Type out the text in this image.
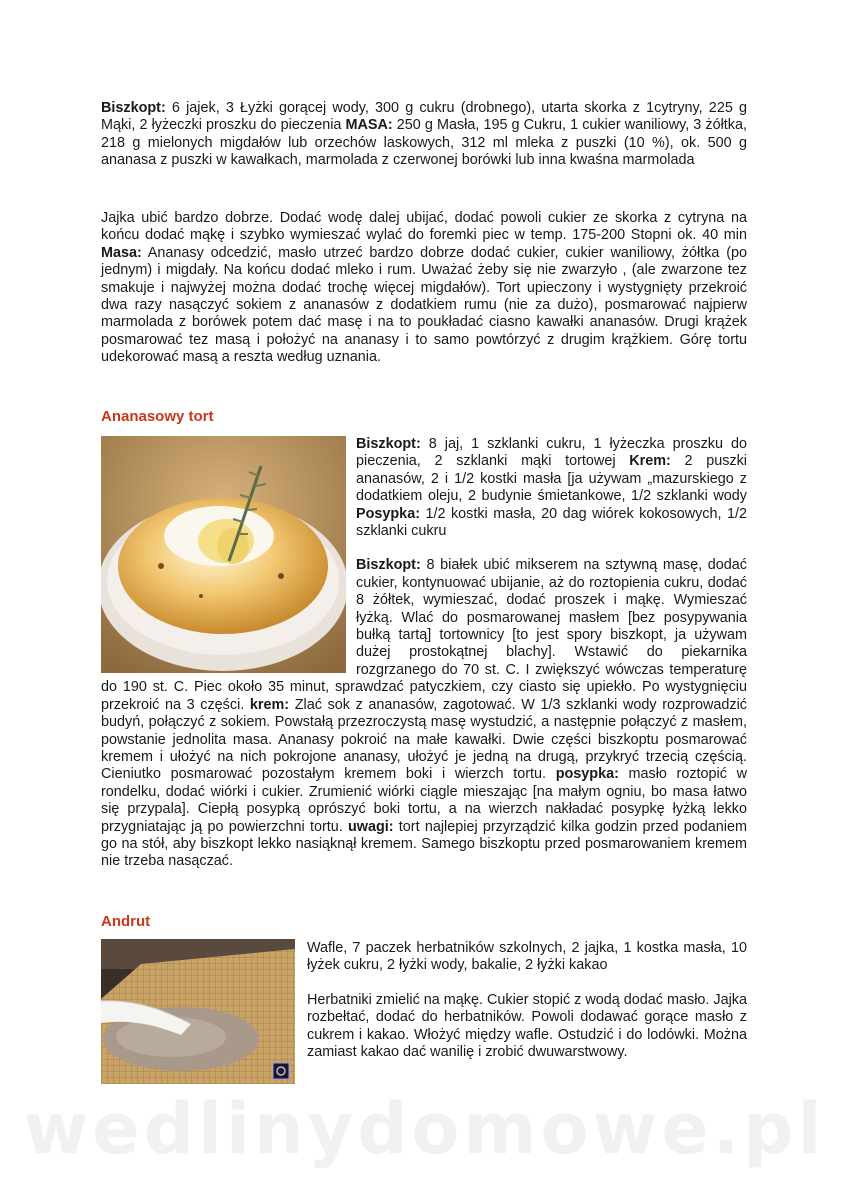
Biszkopt: 6 jajek, 3 Łyżki gorącej wody, 300 g cukru (drobnego), utarta skorka z 1cytryny, 225 g Mąki, 2 łyżeczki proszku do pieczenia MASA: 250 g Masła, 195 g Cukru, 1 cukier waniliowy, 3 żółtka, 218 g mielonych migdałów lub orzechów laskowych, 312 ml mleka z puszki (10 %), ok. 500 g ananasa z puszki w kawałkach, marmolada z czerwonej borówki lub inna kwaśna marmolada

Jajka ubić bardzo dobrze. Dodać wodę dalej ubijać, dodać powoli cukier ze skorka z cytryna na końcu dodać mąkę i szybko wymieszać wylać do foremki piec w temp. 175-200 Stopni ok. 40 min Masa: Ananasy odcedzić, masło utrzeć bardzo dobrze dodać cukier, cukier waniliowy, żółtka (po jednym) i migdały. Na końcu dodać mleko i rum. Uważać żeby się nie zwarzyło , (ale zwarzone tez smakuje i najwyżej można dodać trochę więcej migdałów). Tort upieczony i wystygnięty przekroić dwa razy nasączyć sokiem z ananasów z dodatkiem rumu (nie za dużo), posmarować najpierw marmolada z borówek potem dać masę i na to poukładać ciasno kawałki ananasów. Drugi krążek posmarować tez masą i położyć na ananasy i to samo powtórzyć z drugim krążkiem. Górę tortu udekorować masą a reszta według uznania.

Ananasowy tort

Biszkopt: 8 jaj, 1 szklanki cukru, 1 łyżeczka proszku do pieczenia, 2 szklanki mąki tortowej Krem: 2 puszki ananasów, 2 i 1/2 kostki masła [ja używam „mazurskiego z dodatkiem oleju, 2 budynie śmietankowe, 1/2 szklanki wody Posypka: 1/2 kostki masła, 20 dag wiórek kokosowych, 1/2 szklanki cukru

Biszkopt: 8 białek ubić mikserem na sztywną masę, dodać cukier, kontynuować ubijanie, aż do roztopienia cukru, dodać 8 żółtek, wymieszać, dodać proszek i mąkę. Wymieszać łyżką. Wlać do posmarowanej masłem [bez posypywania bułką tartą] tortownicy [to jest spory biszkopt, ja używam dużej prostokątnej blachy]. Wstawić do piekarnika rozgrzanego do 70 st. C. I zwiększyć wówczas temperaturę do 190 st. C. Piec około 35 minut, sprawdzać patyczkiem, czy ciasto się upiekło. Po wystygnięciu przekroić na 3 części. krem: Zlać sok z ananasów, zagotować. W 1/3 szklanki wody rozprowadzić budyń, połączyć z sokiem. Powstałą przezroczystą masę wystudzić, a następnie połączyć z masłem, powstanie jednolita masa. Ananasy pokroić na małe kawałki. Dwie części biszkoptu posmarować kremem i ułożyć na nich pokrojone ananasy, ułożyć je jedną na drugą, przykryć trzecią częścią. Cieniutko posmarować pozostałym kremem boki i wierzch tortu. posypka: masło roztopić w rondelku, dodać wiórki i cukier. Zrumienić wiórki ciągle mieszając [na małym ogniu, bo masa łatwo się przypala]. Ciepłą posypką oprószyć boki tortu, a na wierzch nakładać posypkę łyżką lekko przygniatając ją po powierzchni tortu. uwagi: tort najlepiej przyrządzić kilka godzin przed podaniem go na stół, aby biszkopt lekko nasiąknął kremem. Samego biszkoptu przed posmarowaniem kremem nie trzeba nasączać.

Andrut

Wafle, 7 paczek herbatników szkolnych, 2 jajka, 1 kostka masła, 10 łyżek cukru, 2 łyżki wody, bakalie, 2 łyżki kakao

Herbatniki zmielić na mąkę. Cukier stopić z wodą dodać masło. Jajka rozbełtać, dodać do herbatników. Powoli dodawać gorące masło z cukrem i kakao. Włożyć między wafle. Ostudzić i do lodówki. Można zamiast kakao dać wanilię i zrobić dwuwarstwowy.

wedlinydomowe.pl
